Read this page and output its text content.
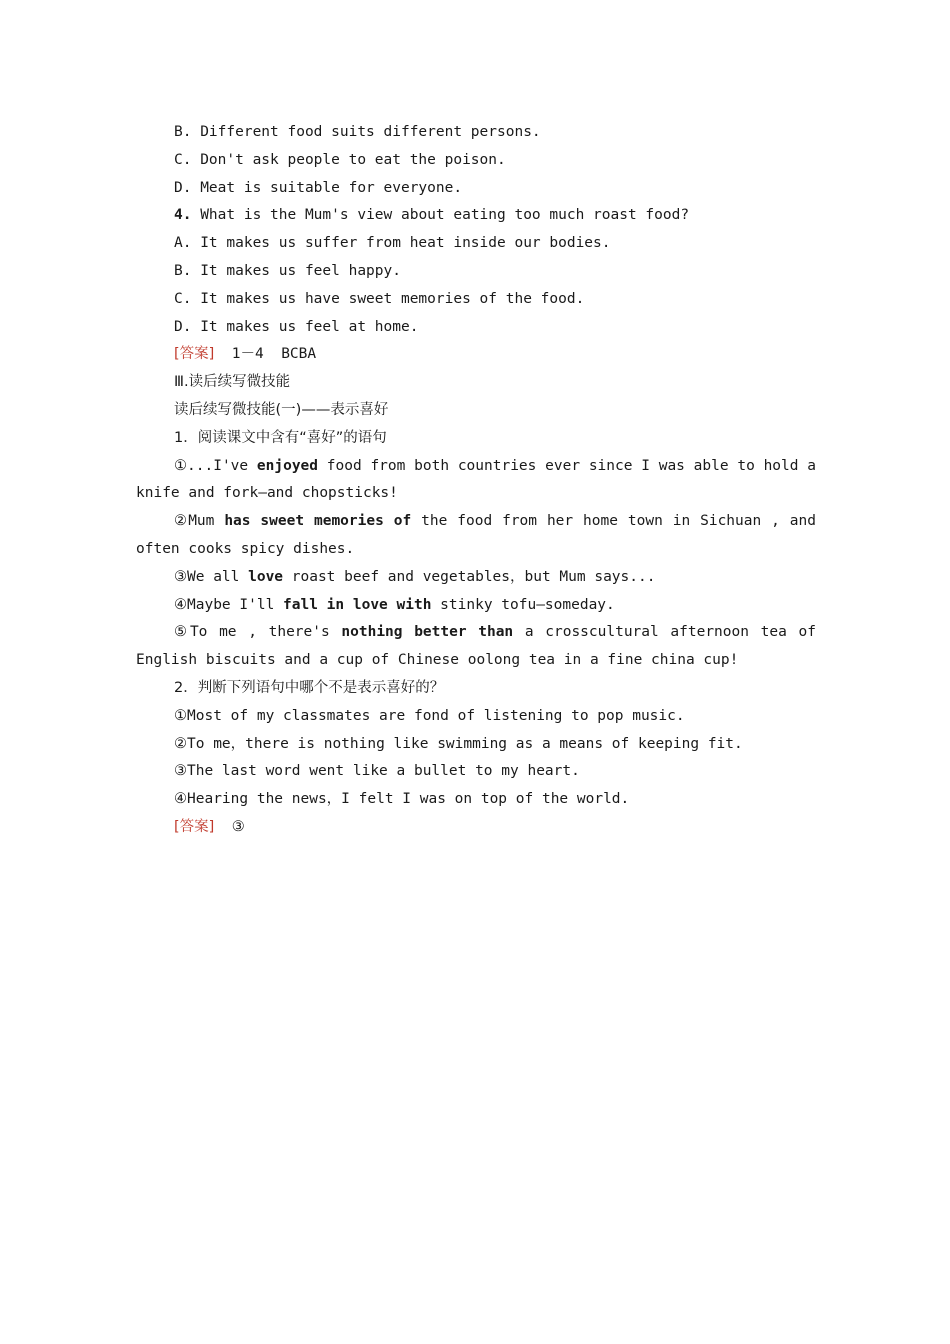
B. Different food suits different persons.
C. Don't ask people to eat the poison.
D. Meat is suitable for everyone.
4. What is the Mum's view about eating too much roast food?
A. It makes us suffer from heat inside our bodies.
B. It makes us feel happy.
C. It makes us have sweet memories of the food.
D. It makes us feel at home.
[答案]  1－4  BCBA
Ⅲ.读后续写微技能
读后续写微技能(一)——表示喜好
1．阅读课文中含有“喜好”的语句
①...I've enjoyed food from both countries ever since I was able to hold a
knife and fork—and chopsticks!
②Mum has sweet memories of the food from her home town in Sichuan , and
often cooks spicy dishes.
③We all love roast beef and vegetables，but Mum says...
④Maybe I'll fall in love with stinky tofu—someday.
⑤To me , there's nothing better than a crosscultural afternoon tea of
English biscuits and a cup of Chinese oolong tea in a fine china cup!
2．判断下列语句中哪个不是表示喜好的？
①Most of my classmates are fond of listening to pop music.
②To me，there is nothing like swimming as a means of keeping fit.
③The last word went like a bullet to my heart.
④Hearing the news，I felt I was on top of the world.
[答案]  ③
